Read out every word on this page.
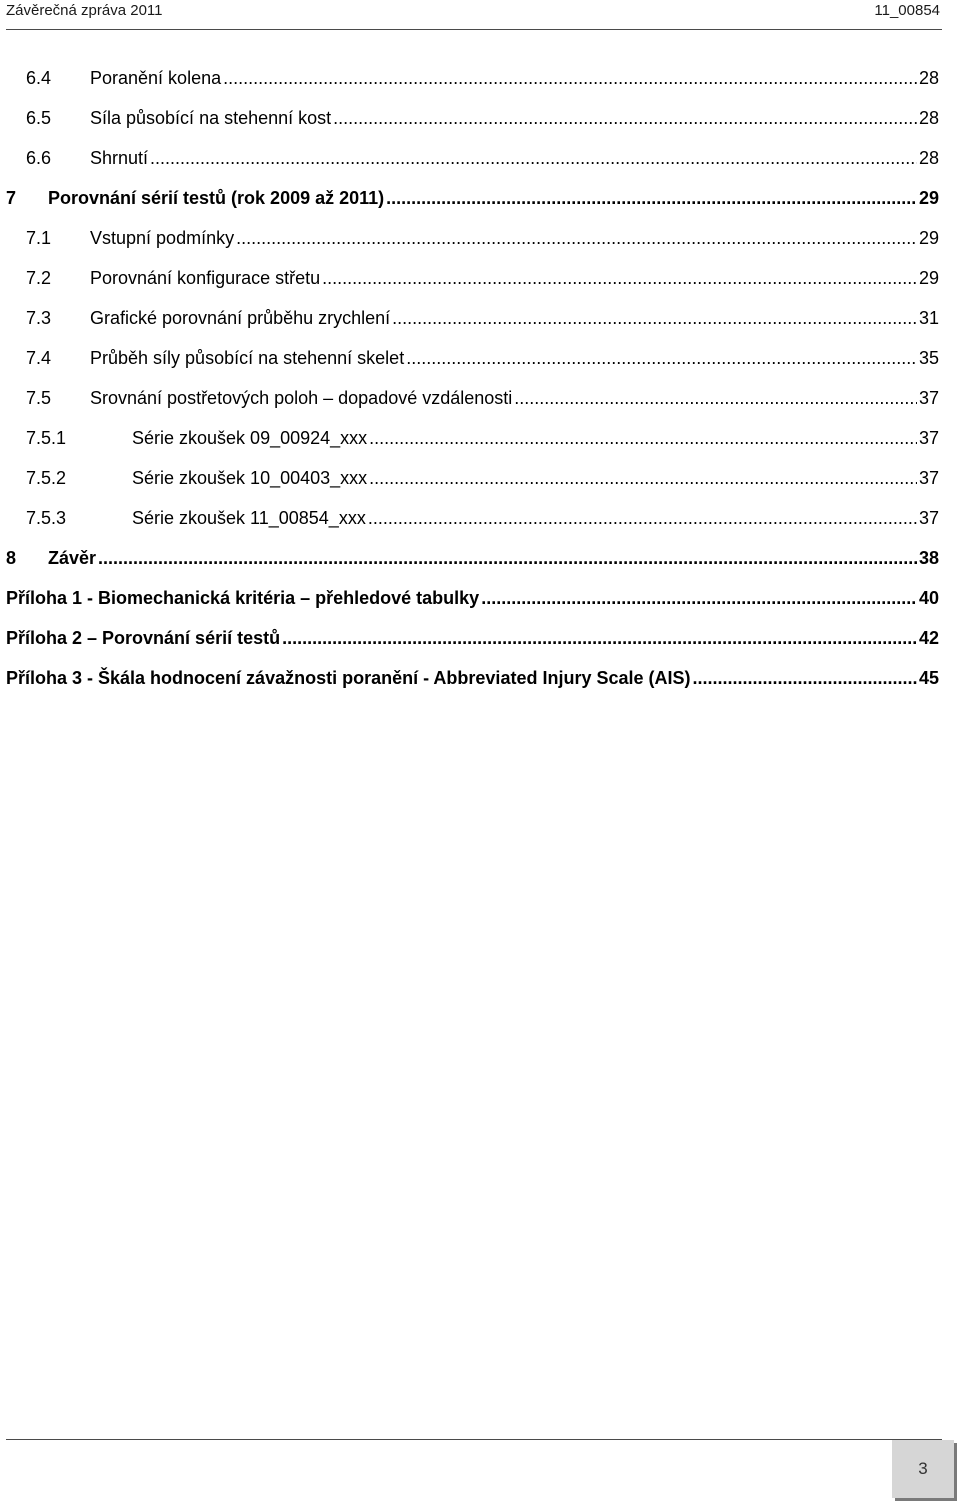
Závěrečná zpráva 2011	11_00854
6.4	Poranění kolena .....	28
6.5	Síla působící na stehenní kost .....	28
6.6	Shrnutí .....	28
7	Porovnání sérií testů (rok 2009 až 2011) .....	29
7.1	Vstupní podmínky .....	29
7.2	Porovnání konfigurace střetu .....	29
7.3	Grafické porovnání průběhu zrychlení .....	31
7.4	Průběh síly působící na stehenní skelet .....	35
7.5	Srovnání postřetových poloh – dopadové vzdálenosti .....	37
7.5.1	Série zkoušek 09_00924_xxx .....	37
7.5.2	Série zkoušek 10_00403_xxx .....	37
7.5.3	Série zkoušek 11_00854_xxx .....	37
8	Závěr .....	38
Příloha 1 - Biomechanická kritéria – přehledové tabulky .....	40
Příloha 2 – Porovnání sérií testů .....	42
Příloha 3 - Škála hodnocení závažnosti poranění - Abbreviated Injury Scale (AIS) .....	45
3
